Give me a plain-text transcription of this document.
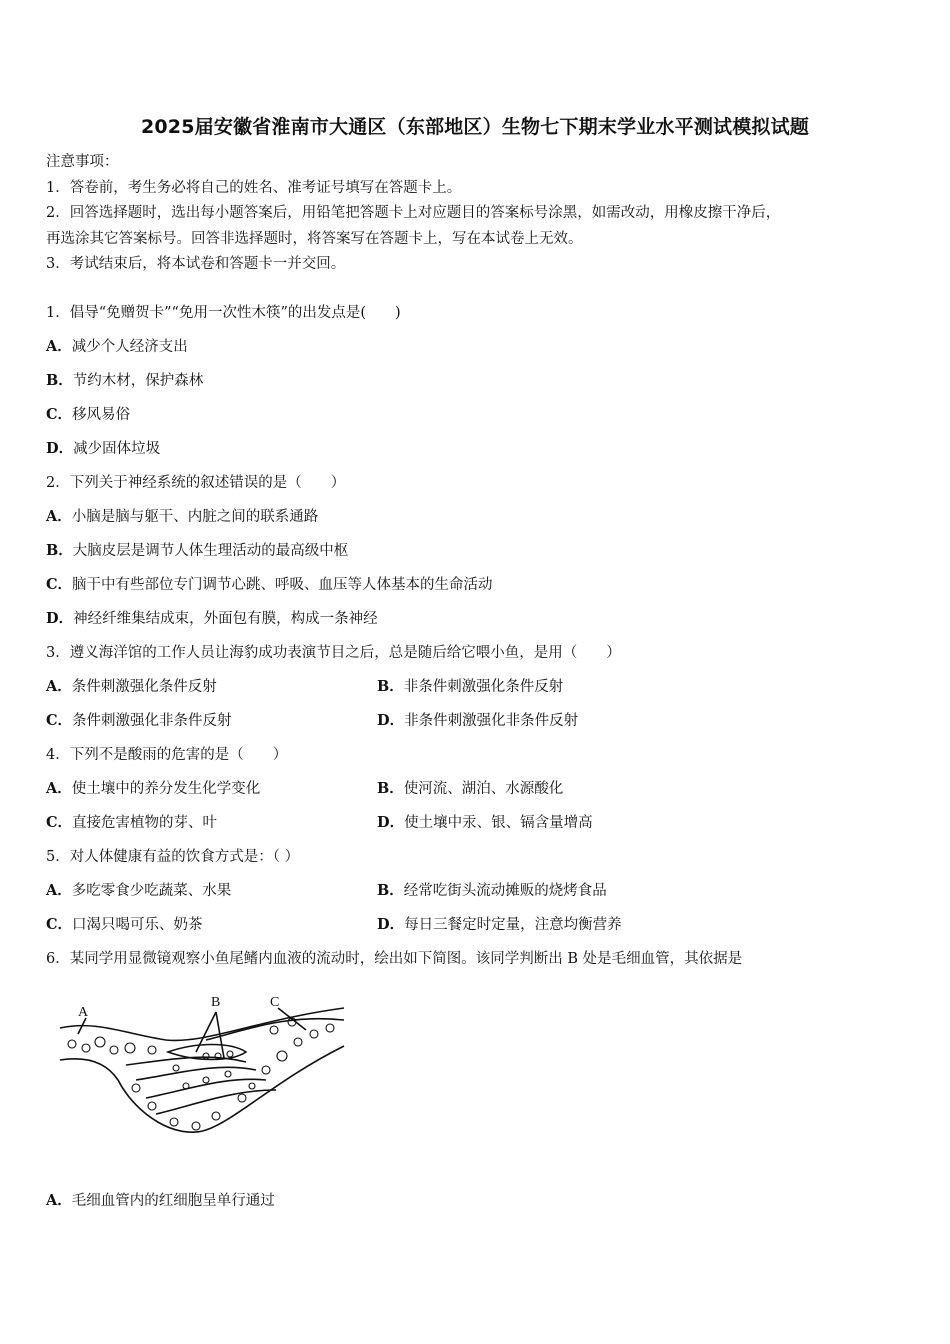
2025届安徽省淮南市大通区（东部地区）生物七下期末学业水平测试模拟试题
注意事项：
1．答卷前，考生务必将自己的姓名、准考证号填写在答题卡上。
2．回答选择题时，选出每小题答案后，用铅笔把答题卡上对应题目的答案标号涂黑，如需改动，用橡皮擦干净后，
再选涂其它答案标号。回答非选择题时，将答案写在答题卡上，写在本试卷上无效。
3．考试结束后，将本试卷和答题卡一并交回。
1．倡导“免赠贺卡”“免用一次性木筷”的出发点是(　　)
A．减少个人经济支出
B．节约木材，保护森林
C．移风易俗
D．减少固体垃圾
2．下列关于神经系统的叙述错误的是（　　）
A．小脑是脑与躯干、内脏之间的联系通路
B．大脑皮层是调节人体生理活动的最高级中枢
C．脑干中有些部位专门调节心跳、呼吸、血压等人体基本的生命活动
D．神经纤维集结成束，外面包有膜，构成一条神经
3．遵义海洋馆的工作人员让海豹成功表演节目之后，总是随后给它喂小鱼，是用（　　）
A．条件刺激强化条件反射	B．非条件刺激强化条件反射
C．条件刺激强化非条件反射	D．非条件刺激强化非条件反射
4．下列不是酸雨的危害的是（　　）
A．使土壤中的养分发生化学变化	B．使河流、湖泊、水源酸化
C．直接危害植物的芽、叶	D．使土壤中汞、银、镉含量增高
5．对人体健康有益的饮食方式是：（ ）
A．多吃零食少吃蔬菜、水果	B．经常吃街头流动摊贩的烧烤食品
C．口渴只喝可乐、奶茶	D．每日三餐定时定量，注意均衡营养
6．某同学用显微镜观察小鱼尾鳍内血液的流动时，绘出如下简图。该同学判断出 B 处是毛细血管，其依据是
A
B	C
A．毛细血管内的红细胞呈单行通过
